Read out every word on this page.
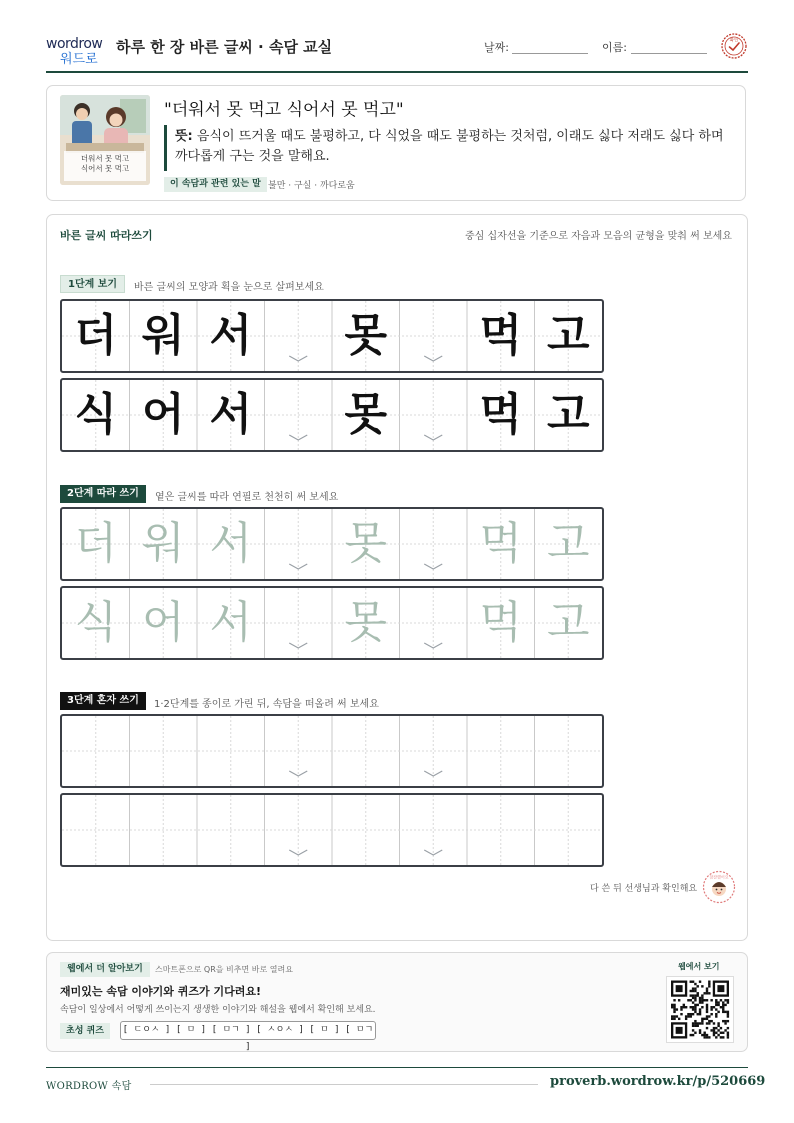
wordrow
워드로
하루 한 장 바른 글씨 · 속담 교실	날짜:	이름:	확인
더워서 못 먹고
식어서 못 먹고
"더워서 못 먹고 식어서 못 먹고"
뜻: 음식이 뜨거울 때도 불평하고, 다 식었을 때도 불평하는 것처럼, 이래도 싫다 저래도 싫다 하며 까다롭게 구는 것을 말해요.
이 속담과 관련 있는 말 불만 · 구실 · 까다로움
바른 글씨 따라쓰기	중심 십자선을 기준으로 자음과 모음의 균형을 맞춰 써 보세요
1단계 보기	바른 글씨의 모양과 획을 눈으로 살펴보세요
더 워 서 못 먹 고
식 어 서 못 먹 고
2단계 따라 쓰기	옅은 글씨를 따라 연필로 천천히 써 보세요
더 워 서 못 먹 고
식 어 서 못 먹 고
3단계 혼자 쓰기	1·2단계를 종이로 가린 뒤, 속담을 떠올려 써 보세요
다 쓴 뒤 선생님과 확인해요
참잘했어요
웹에서 더 알아보기	스마트폰으로 QR을 비추면 바로 열려요
재미있는 속담 이야기와 퀴즈가 기다려요!
속담이 일상에서 어떻게 쓰이는지 생생한 이야기와 해설을 웹에서 확인해 보세요.
초성 퀴즈	[ ㄷㅇㅅ ] [ ㅁ ] [ ㅁㄱ ] [ ㅅㅇㅅ ] [ ㅁ ] [ ㅁㄱ ]
웹에서 보기
WORDROW 속담	proverb.wordrow.kr/p/520669
